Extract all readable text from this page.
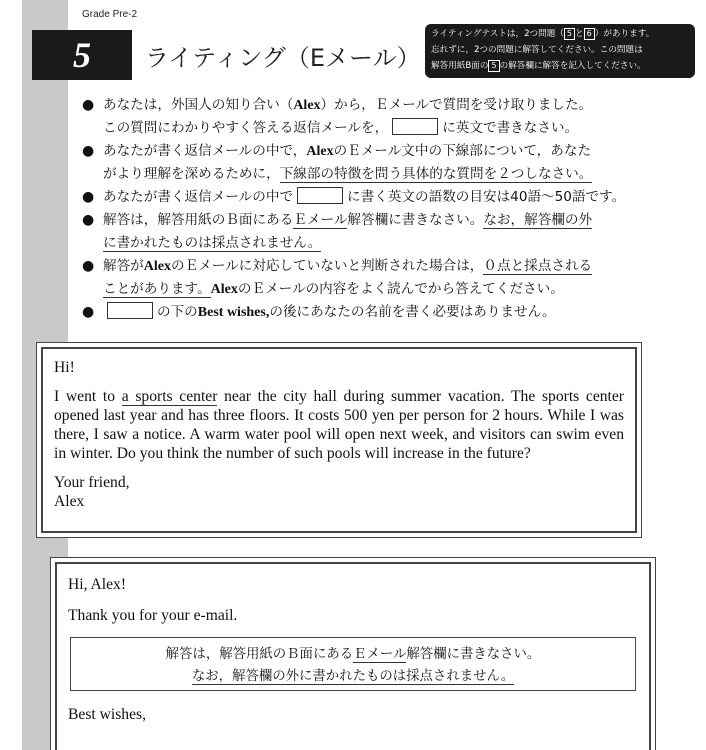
Grade Pre-2
5	ライティング（Eメール）
ライティングテストは，2つ問題（ 5 と 6 ）があります。
忘れずに，2つの問題に解答してください。この問題は
解答用紙B面の 5 の解答欄に解答を記入してください。
● あなたは，外国人の知り合い（Alex）から，Ｅメールで質問を受け取りました。
この質問にわかりやすく答える返信メールを，	に英文で書きなさい。
● あなたが書く返信メールの中で，AlexのＥメール文中の下線部について，あなた
がより理解を深めるために，下線部の特徴を問う具体的な質問を２つしなさい。
● あなたが書く返信メールの中で	に書く英文の語数の目安は40語～50語です。
● 解答は，解答用紙のＢ面にあるＥメール解答欄に書きなさい。なお，解答欄の外
に書かれたものは採点されません。
● 解答がAlexのＥメールに対応していないと判断された場合は，０点と採点される
ことがあります。AlexのＥメールの内容をよく読んでから答えてください。
●	の下のBest wishes,の後にあなたの名前を書く必要はありません。

Hi!

I went to a sports center near the city hall during summer vacation. The sports center opened last year and has three floors. It costs 500 yen per person for 2 hours. While I was there, I saw a notice. A warm water pool will open next week, and visitors can swim even in winter. Do you think the number of such pools will increase in the future?

Your friend,

Alex

Hi, Alex!

Thank you for your e-mail.

解答は，解答用紙のＢ面にあるＥメール解答欄に書きなさい。
なお，解答欄の外に書かれたものは採点されません。

Best wishes,
